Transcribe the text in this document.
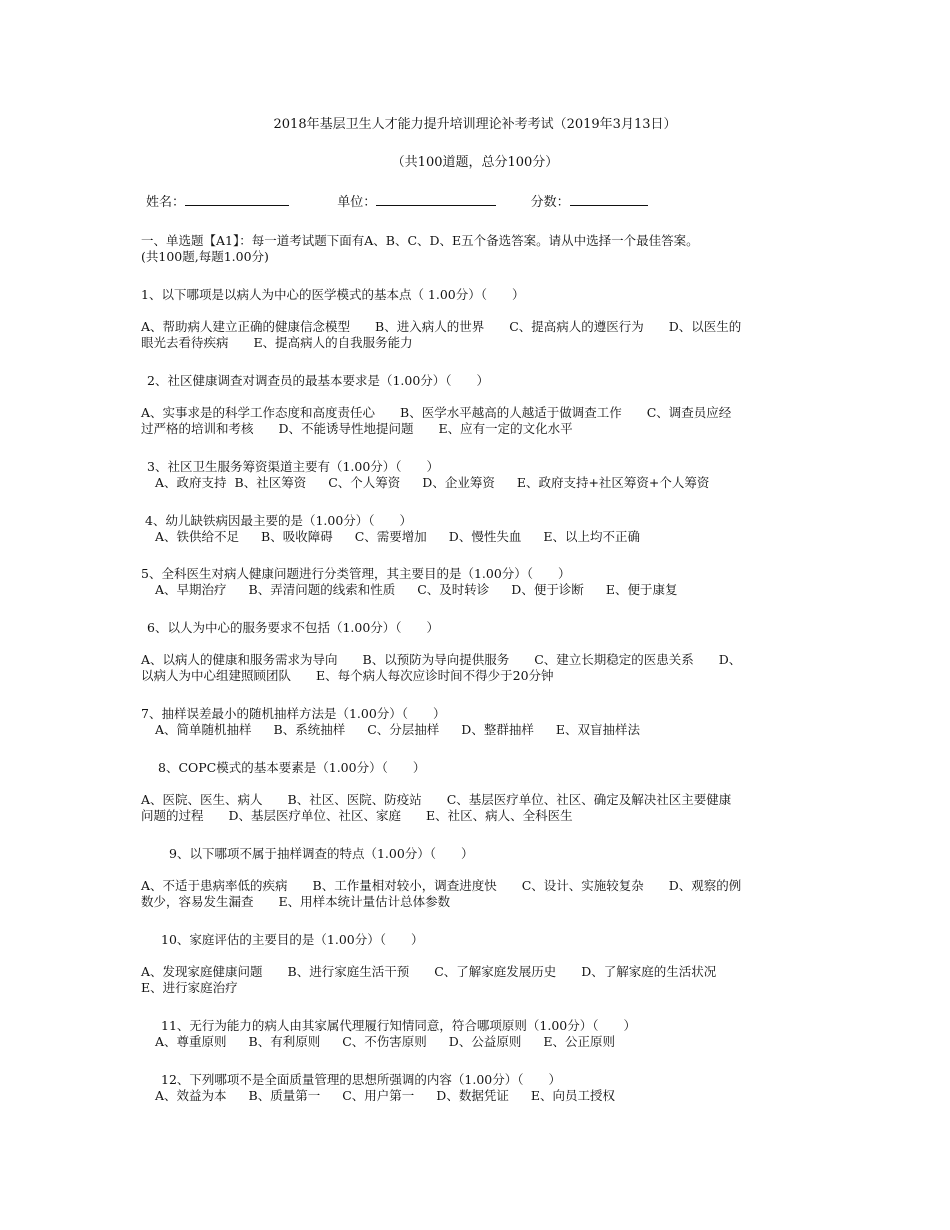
2018年基层卫生人才能力提升培训理论补考考试（2019年3月13日）
（共100道题，总分100分）
姓名：	单位：	分数：
一、单选题【A1】：每一道考试题下面有A、B、C、D、E五个备选答案。请从中选择一个最佳答案。
(共100题,每题1.00分)
1、以下哪项是以病人为中心的医学模式的基本点（ 1.00分）（　　）
A、帮助病人建立正确的健康信念模型　　B、进入病人的世界　　C、提高病人的遵医行为　　D、以医生的
眼光去看待疾病　　E、提高病人的自我服务能力
2、社区健康调查对调查员的最基本要求是（1.00分）（　　）
A、实事求是的科学工作态度和高度责任心　　B、医学水平越高的人越适于做调查工作　　C、调查员应经
过严格的培训和考核　　D、不能诱导性地提问题　　E、应有一定的文化水平
3、社区卫生服务筹资渠道主要有（1.00分）（　　）
A、政府支持 B、社区筹资 C、个人筹资 D、企业筹资 E、政府支持+社区筹资+个人筹资
4、幼儿缺铁病因最主要的是（1.00分）（　　）
A、铁供给不足 B、吸收障碍 C、需要增加 D、慢性失血 E、以上均不正确
5、全科医生对病人健康问题进行分类管理，其主要目的是（1.00分）（　　）
A、早期治疗 B、弄清问题的线索和性质 C、及时转诊 D、便于诊断 E、便于康复
6、以人为中心的服务要求不包括（1.00分）（　　）
A、以病人的健康和服务需求为导向　　B、以预防为导向提供服务　　C、建立长期稳定的医患关系　　D、
以病人为中心组建照顾团队　　E、每个病人每次应诊时间不得少于20分钟
7、抽样误差最小的随机抽样方法是（1.00分）（　　）
A、简单随机抽样 B、系统抽样 C、分层抽样 D、整群抽样 E、双盲抽样法
8、COPC模式的基本要素是（1.00分）（　　）
A、医院、医生、病人　　B、社区、医院、防疫站　　C、基层医疗单位、社区、确定及解决社区主要健康
问题的过程　　D、基层医疗单位、社区、家庭　　E、社区、病人、全科医生
9、以下哪项不属于抽样调查的特点（1.00分）（　　）
A、不适于患病率低的疾病　　B、工作量相对较小，调查进度快　　C、设计、实施较复杂　　D、观察的例
数少，容易发生漏查　　E、用样本统计量估计总体参数
10、家庭评估的主要目的是（1.00分）（　　）
A、发现家庭健康问题　　B、进行家庭生活干预　　C、了解家庭发展历史　　D、了解家庭的生活状况
E、进行家庭治疗
11、无行为能力的病人由其家属代理履行知情同意，符合哪项原则（1.00分）（　　）
A、尊重原则 B、有利原则 C、不伤害原则 D、公益原则 E、公正原则
12、下列哪项不是全面质量管理的思想所强调的内容（1.00分）（　　）
A、效益为本 B、质量第一 C、用户第一 D、数据凭证 E、向员工授权
